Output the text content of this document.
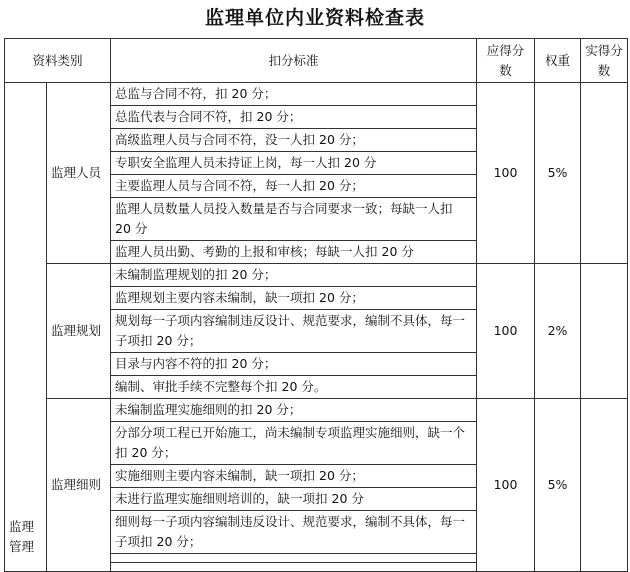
监理单位内业资料检查表
资料类别		扣分标准	应得分数	权重	实得分数
监理管理	监理人员	总监与合同不符，扣 20 分；	100	5%	
		总监代表与合同不符，扣 20 分；			
		高级监理人员与合同不符，没一人扣 20 分；			
		专职安全监理人员未持证上岗，每一人扣 20 分			
		主要监理人员与合同不符，每一人扣 20 分；			
		监理人员数量人员投入数量是否与合同要求一致；每缺一人扣 20 分			
		监理人员出勤、考勤的上报和审核；每缺一人扣 20 分			
	监理规划	未编制监理规划的扣 20 分；	100	2%	
		监理规划主要内容未编制，缺一项扣 20 分；			
		规划每一子项内容编制违反设计、规范要求，编制不具体，每一子项扣 20 分；			
		目录与内容不符的扣 20 分；			
		编制、审批手续不完整每个扣 20 分。			
	监理细则	未编制监理实施细则的扣 20 分；	100	5%	
		分部分项工程已开始施工，尚未编制专项监理实施细则，缺一个扣 20 分；			
		实施细则主要内容未编制，缺一项扣 20 分；			
		未进行监理实施细则培训的，缺一项扣 20 分			
		细则每一子项内容编制违反设计、规范要求，编制不具体，每一子项扣 20 分；			
